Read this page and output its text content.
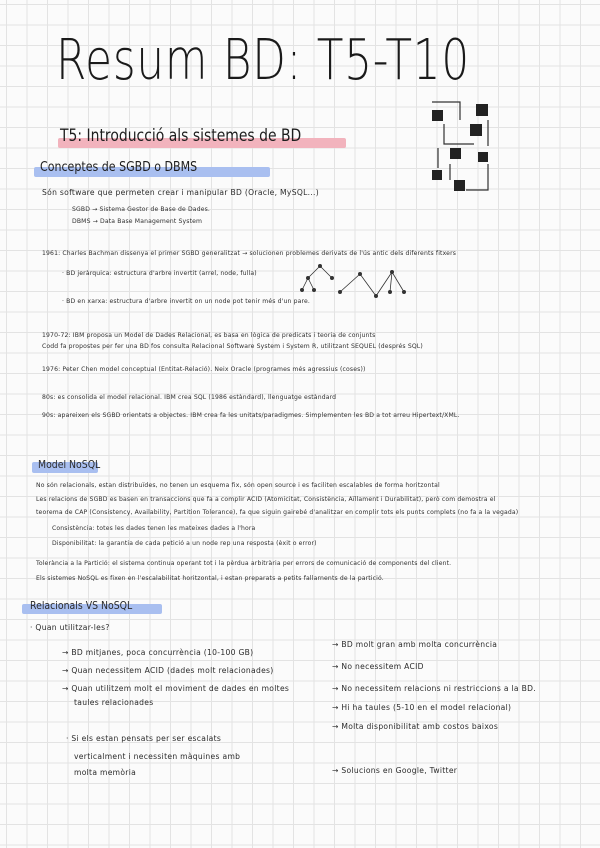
Resum BD: T5-T10
T5: Introducció als sistemes de BD
Conceptes de SGBD o DBMS
Són software que permeten crear i manipular BD (Oracle, MySQL...)
SGBD → Sistema Gestor de Base de Dades.
DBMS → Data Base Management System
1961: Charles Bachman dissenya el primer SGBD generalitzat → solucionen problemes derivats de l'ús antic dels diferents fitxers
· BD jeràrquica: estructura d'arbre invertit (arrel, node, fulla)
· BD en xarxa: estructura d'arbre invertit on un node pot tenir més d'un pare.
1970-72: IBM proposa un Model de Dades Relacional, es basa en lògica de predicats i teoria de conjunts
Codd fa propostes per fer una BD fos consulta Relacional Software System i System R, utilitzant SEQUEL (després SQL)
1976: Peter Chen model conceptual (Entitat-Relació). Neix Oracle (programes més agressius (coses))
80s: es consolida el model relacional. IBM crea SQL (1986 estàndard), llenguatge estàndard
90s: apareixen els SGBD orientats a objectes. IBM crea fa les unitats/paradigmes. Simplementen les BD a tot arreu Hipertext/XML.
Model NoSQL
No són relacionals, estan distribuïdes, no tenen un esquema fix, són open source i es faciliten escalables de forma horitzontal
Les relacions de SGBD es basen en transaccions que fa a complir ACID (Atomicitat, Consistència, Aïllament i Durabilitat), però com demostra el
teorema de CAP (Consistency, Availability, Partition Tolerance), fa que siguin gairebé d'analitzar en complir tots els punts complets (no fa a la vegada)
Consistència: totes les dades tenen les mateixes dades a l'hora
Disponibilitat: la garantia de cada petició a un node rep una resposta (èxit o error)
Tolerància a la Partició: el sistema continua operant tot i la pèrdua arbitrària per errors de comunicació de components del client.
Els sistemes NoSQL es fixen en l'escalabilitat horitzontal, i estan preparats a petits fallarnents de la partició.
Relacionals VS NoSQL
· Quan utilitzar-les?
→ BD mitjanes, poca concurrència (10-100 GB)
→ Quan necessitem ACID (dades molt relacionades)
→ Quan utilitzem molt el moviment de dades en moltes
taules relacionades
· Si els estan pensats per ser escalats
verticalment i necessiten màquines amb
molta memòria
→ BD molt gran amb molta concurrència
→ No necessitem ACID
→ No necessitem relacions ni restriccions a la BD.
→ Hi ha taules (5-10 en el model relacional)
→ Molta disponibilitat amb costos baixos
→ Solucions en Google, Twitter
